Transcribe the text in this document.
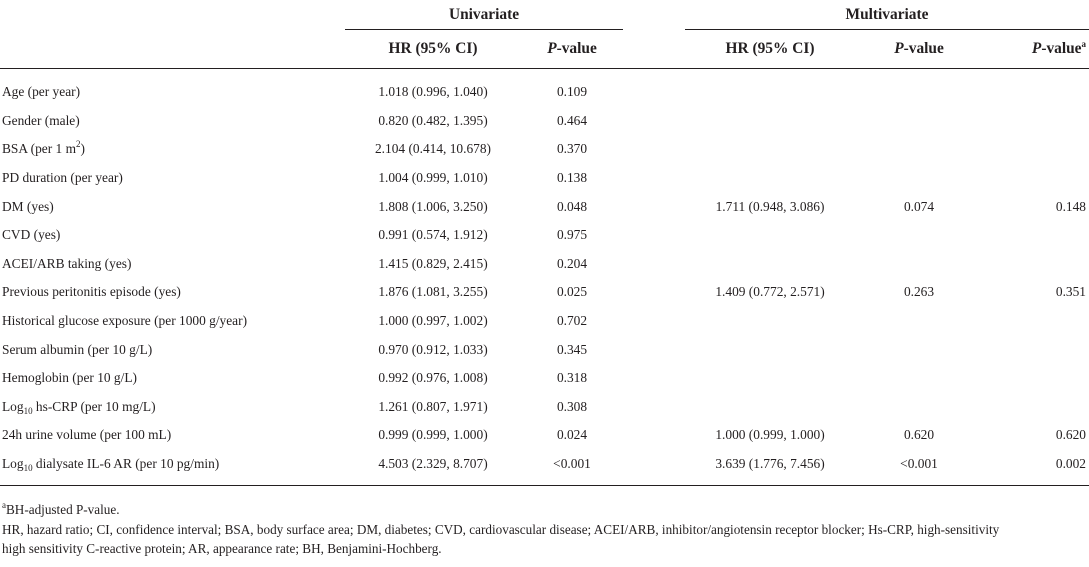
	Univariate			Multivariate		
	HR (95% CI)	P-value		HR (95% CI)	P-value	P-value$^a$

Age (per year)	1.018 (0.996, 1.040)	0.109				
Gender (male)	0.820 (0.482, 1.395)	0.464				
BSA (per 1 $m^2$)	2.104 (0.414, 10.678)	0.370				
PD duration (per year)	1.004 (0.999, 1.010)	0.138				
DM (yes)	1.808 (1.006, 3.250)	0.048		1.711 (0.948, 3.086)	0.074	0.148
CVD (yes)	0.991 (0.574, 1.912)	0.975				
ACEI/ARB taking (yes)	1.415 (0.829, 2.415)	0.204				
Previous peritonitis episode (yes)	1.876 (1.081, 3.255)	0.025		1.409 (0.772, 2.571)	0.263	0.351
Historical glucose exposure (per 1000 g/year)	1.000 (0.997, 1.002)	0.702				
Serum albumin (per 10 g/L)	0.970 (0.912, 1.033)	0.345				
Hemoglobin (per 10 g/L)	0.992 (0.976, 1.008)	0.318				
Log$_{10}$ hs-CRP (per 10 mg/L)	1.261 (0.807, 1.971)	0.308				
24h urine volume (per 100 mL)	0.999 (0.999, 1.000)	0.024		1.000 (0.999, 1.000)	0.620	0.620
Log$_{10}$ dialysate IL-6 AR (per 10 pg/min)	4.503 (2.329, 8.707)	<0.001		3.639 (1.776, 7.456)	<0.001	0.002

$^a$BH-adjusted P-value.

HR, hazard ratio; CI, confidence interval; BSA, body surface area; DM, diabetes; CVD, cardiovascular disease; ACEI/ARB, inhibitor/angiotensin receptor blocker; Hs-CRP, high-sensitivity

high sensitivity C-reactive protein; AR, appearance rate; BH, Benjamini-Hochberg.
